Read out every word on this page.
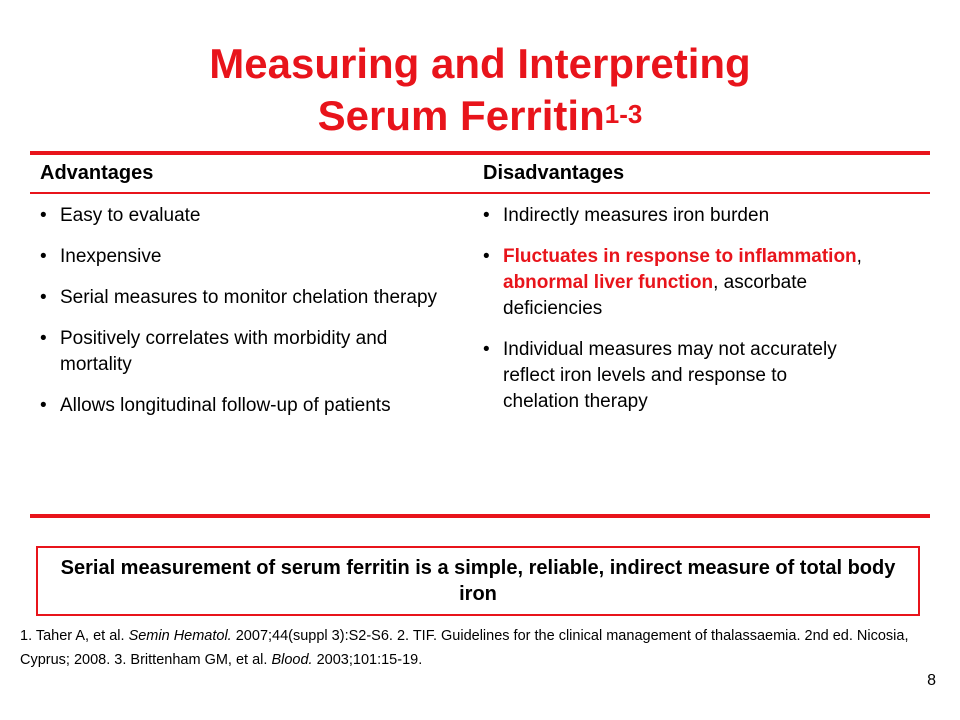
Measuring and Interpreting
Serum Ferritin$^{1-3}$
Advantages	Disadvantages
• Easy to evaluate
• Inexpensive
• Serial measures to monitor chelation therapy
• Positively correlates with morbidity and mortality
• Allows longitudinal follow-up of patients
• Indirectly measures iron burden
• Fluctuates in response to inflammation, abnormal liver function, ascorbate deficiencies
• Individual measures may not accurately reflect iron levels and response to chelation therapy
Serial measurement of serum ferritin is a simple, reliable, indirect measure of total body iron
1. Taher A, et al. Semin Hematol. 2007;44(suppl 3):S2-S6. 2. TIF. Guidelines for the clinical management of thalassaemia. 2nd ed. Nicosia, Cyprus; 2008. 3. Brittenham GM, et al. Blood. 2003;101:15-19.
8
